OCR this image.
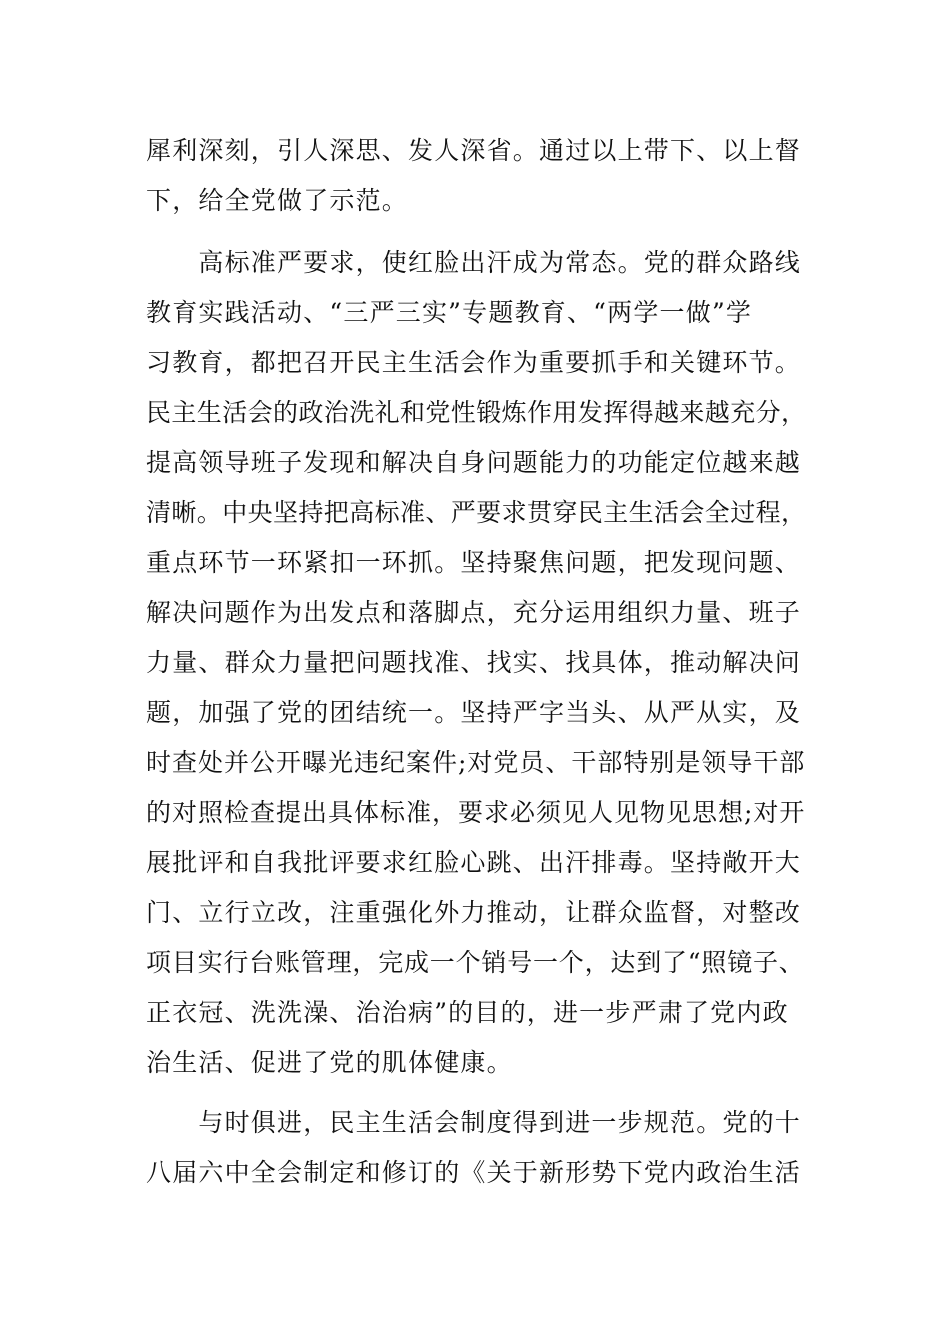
犀利深刻，引人深思、发人深省。通过以上带下、以上督
下，给全党做了示范。
　　高标准严要求，使红脸出汗成为常态。党的群众路线
教育实践活动、“三严三实”专题教育、“两学一做”学
习教育，都把召开民主生活会作为重要抓手和关键环节。
民主生活会的政治洗礼和党性锻炼作用发挥得越来越充分，
提高领导班子发现和解决自身问题能力的功能定位越来越
清晰。中央坚持把高标准、严要求贯穿民主生活会全过程，
重点环节一环紧扣一环抓。坚持聚焦问题，把发现问题、
解决问题作为出发点和落脚点，充分运用组织力量、班子
力量、群众力量把问题找准、找实、找具体，推动解决问
题，加强了党的团结统一。坚持严字当头、从严从实，及
时查处并公开曝光违纪案件;对党员、干部特别是领导干部
的对照检查提出具体标准，要求必须见人见物见思想;对开
展批评和自我批评要求红脸心跳、出汗排毒。坚持敞开大
门、立行立改，注重强化外力推动，让群众监督，对整改
项目实行台账管理，完成一个销号一个，达到了“照镜子、
正衣冠、洗洗澡、治治病”的目的，进一步严肃了党内政
治生活、促进了党的肌体健康。
　　与时俱进，民主生活会制度得到进一步规范。党的十
八届六中全会制定和修订的《关于新形势下党内政治生活
